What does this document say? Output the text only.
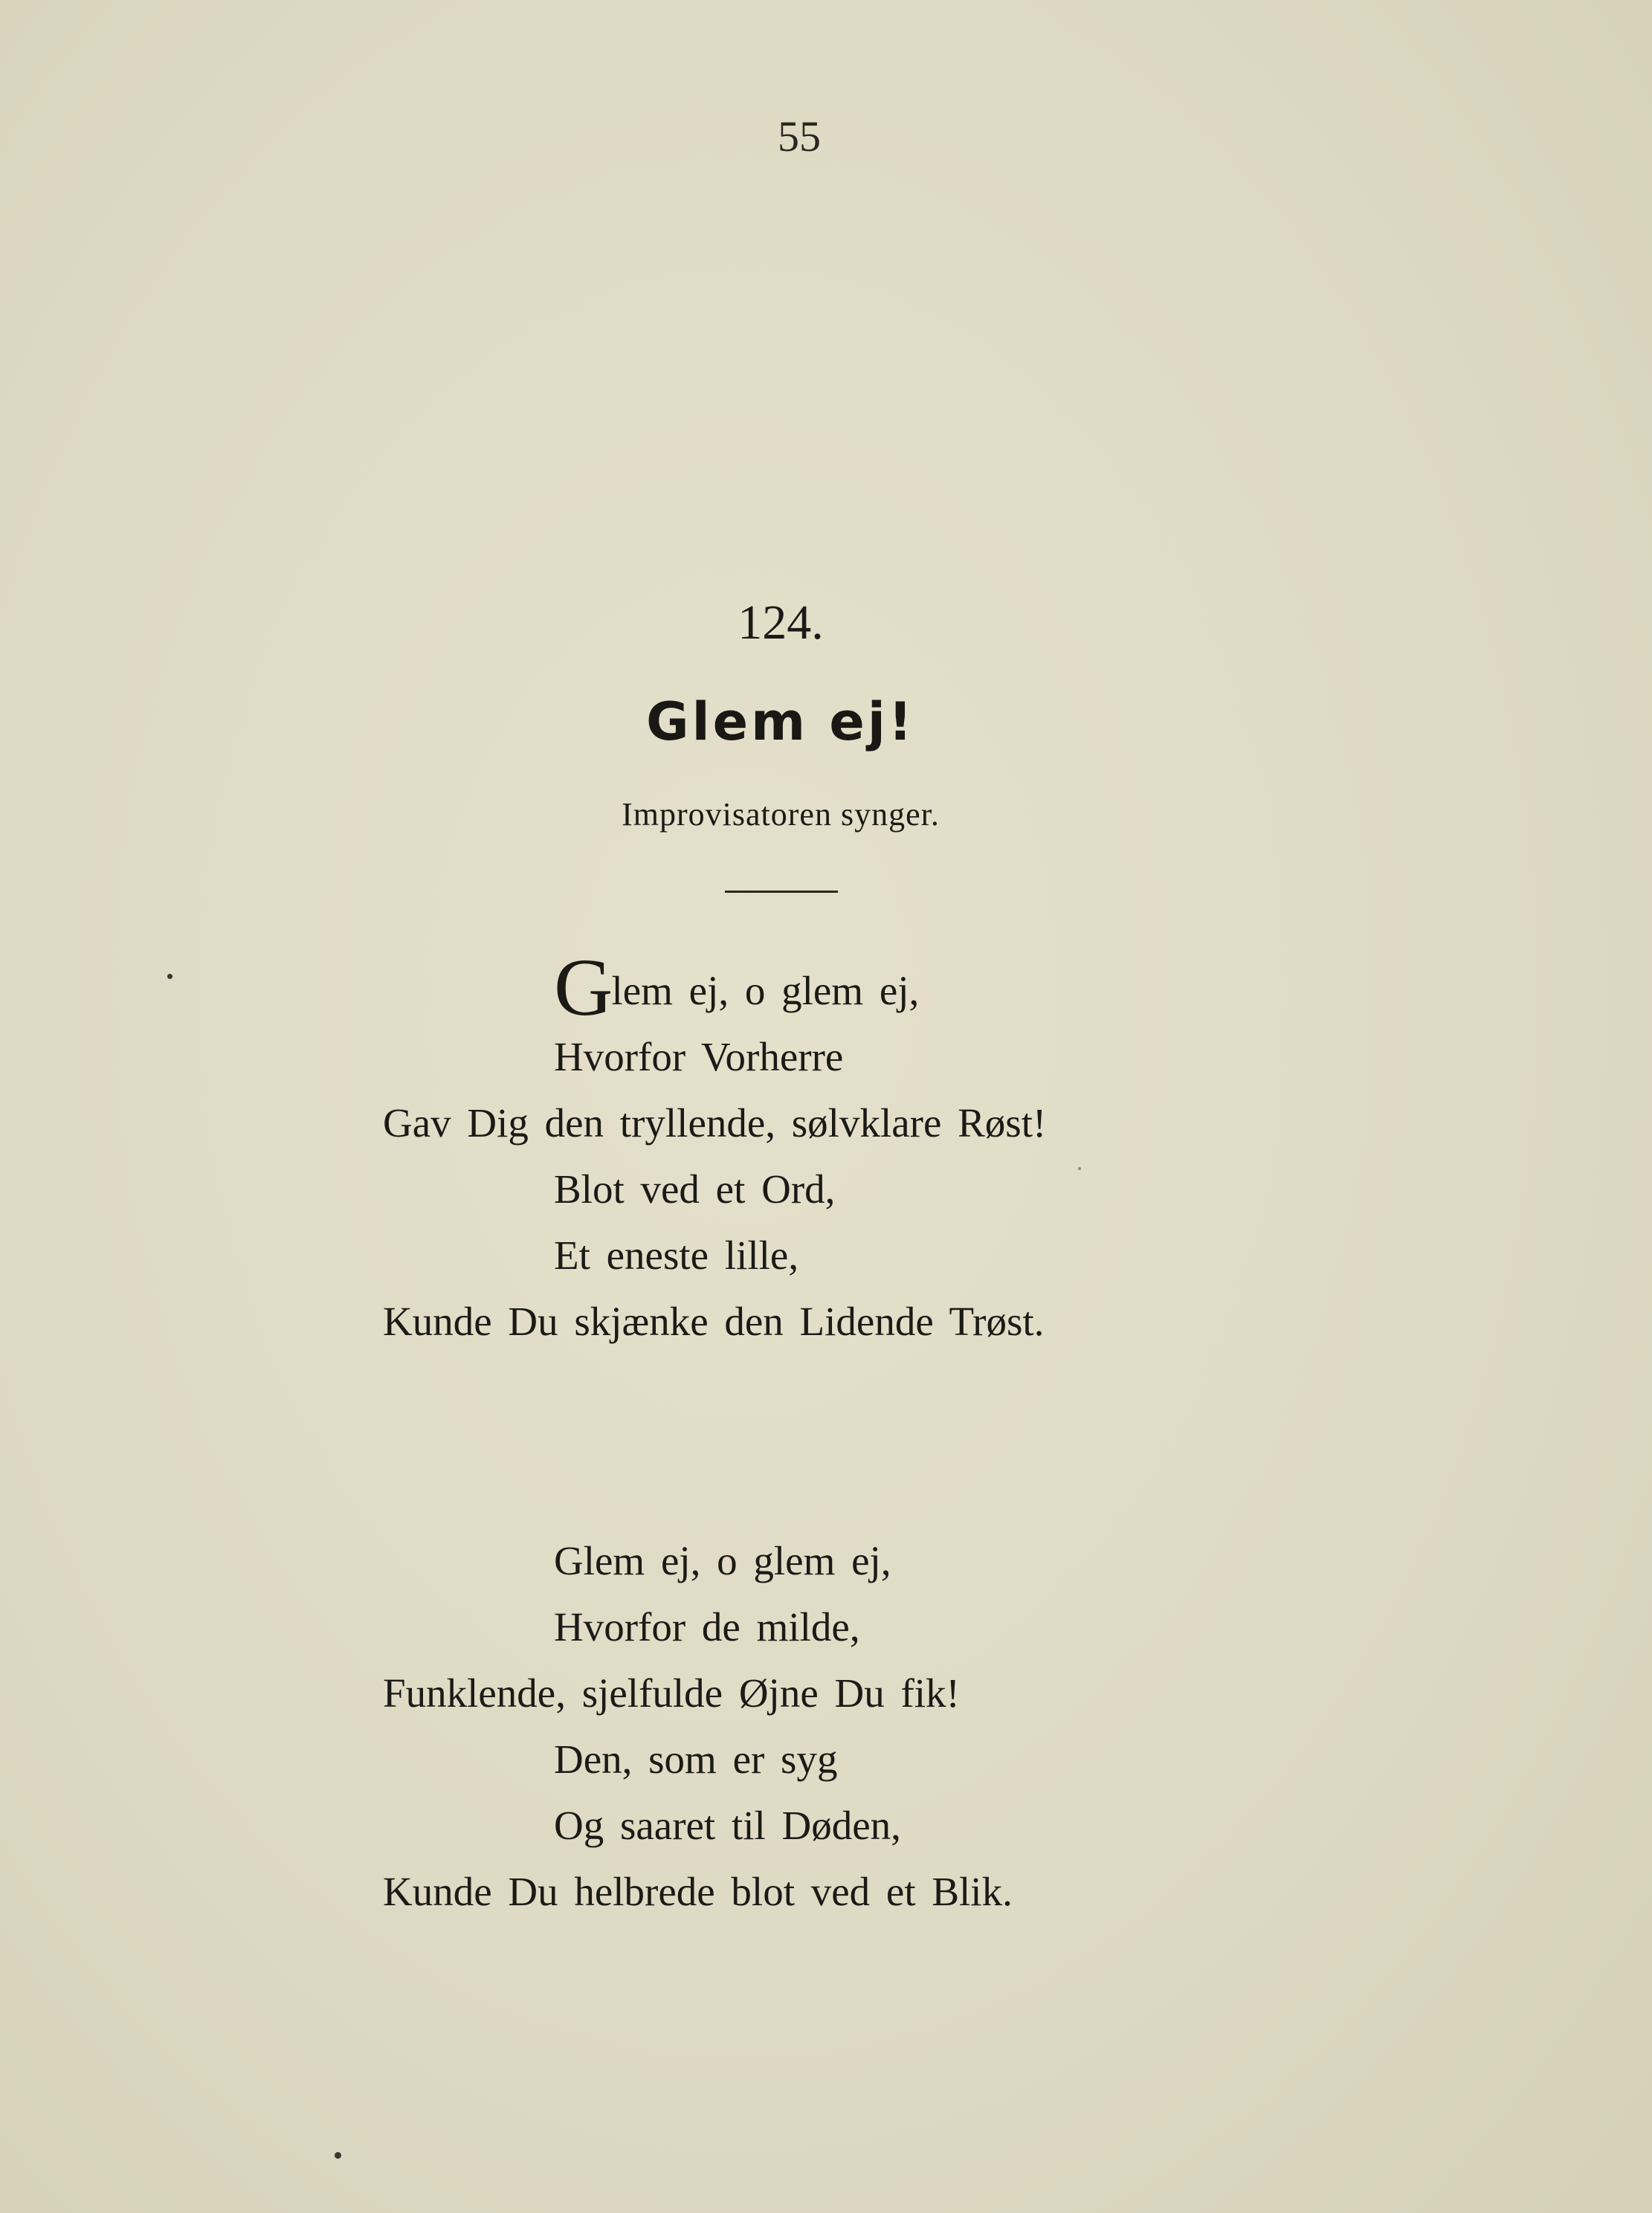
55
124.
Glem ej!
Improvisatoren synger.
Glem ej, o glem ej,
Hvorfor Vorherre
Gav Dig den tryllende, sølvklare Røst!
Blot ved et Ord,
Et eneste lille,
Kunde Du skjænke den Lidende Trøst.
Glem ej, o glem ej,
Hvorfor de milde,
Funklende, sjelfulde Øjne Du fik!
Den, som er syg
Og saaret til Døden,
Kunde Du helbrede blot ved et Blik.
